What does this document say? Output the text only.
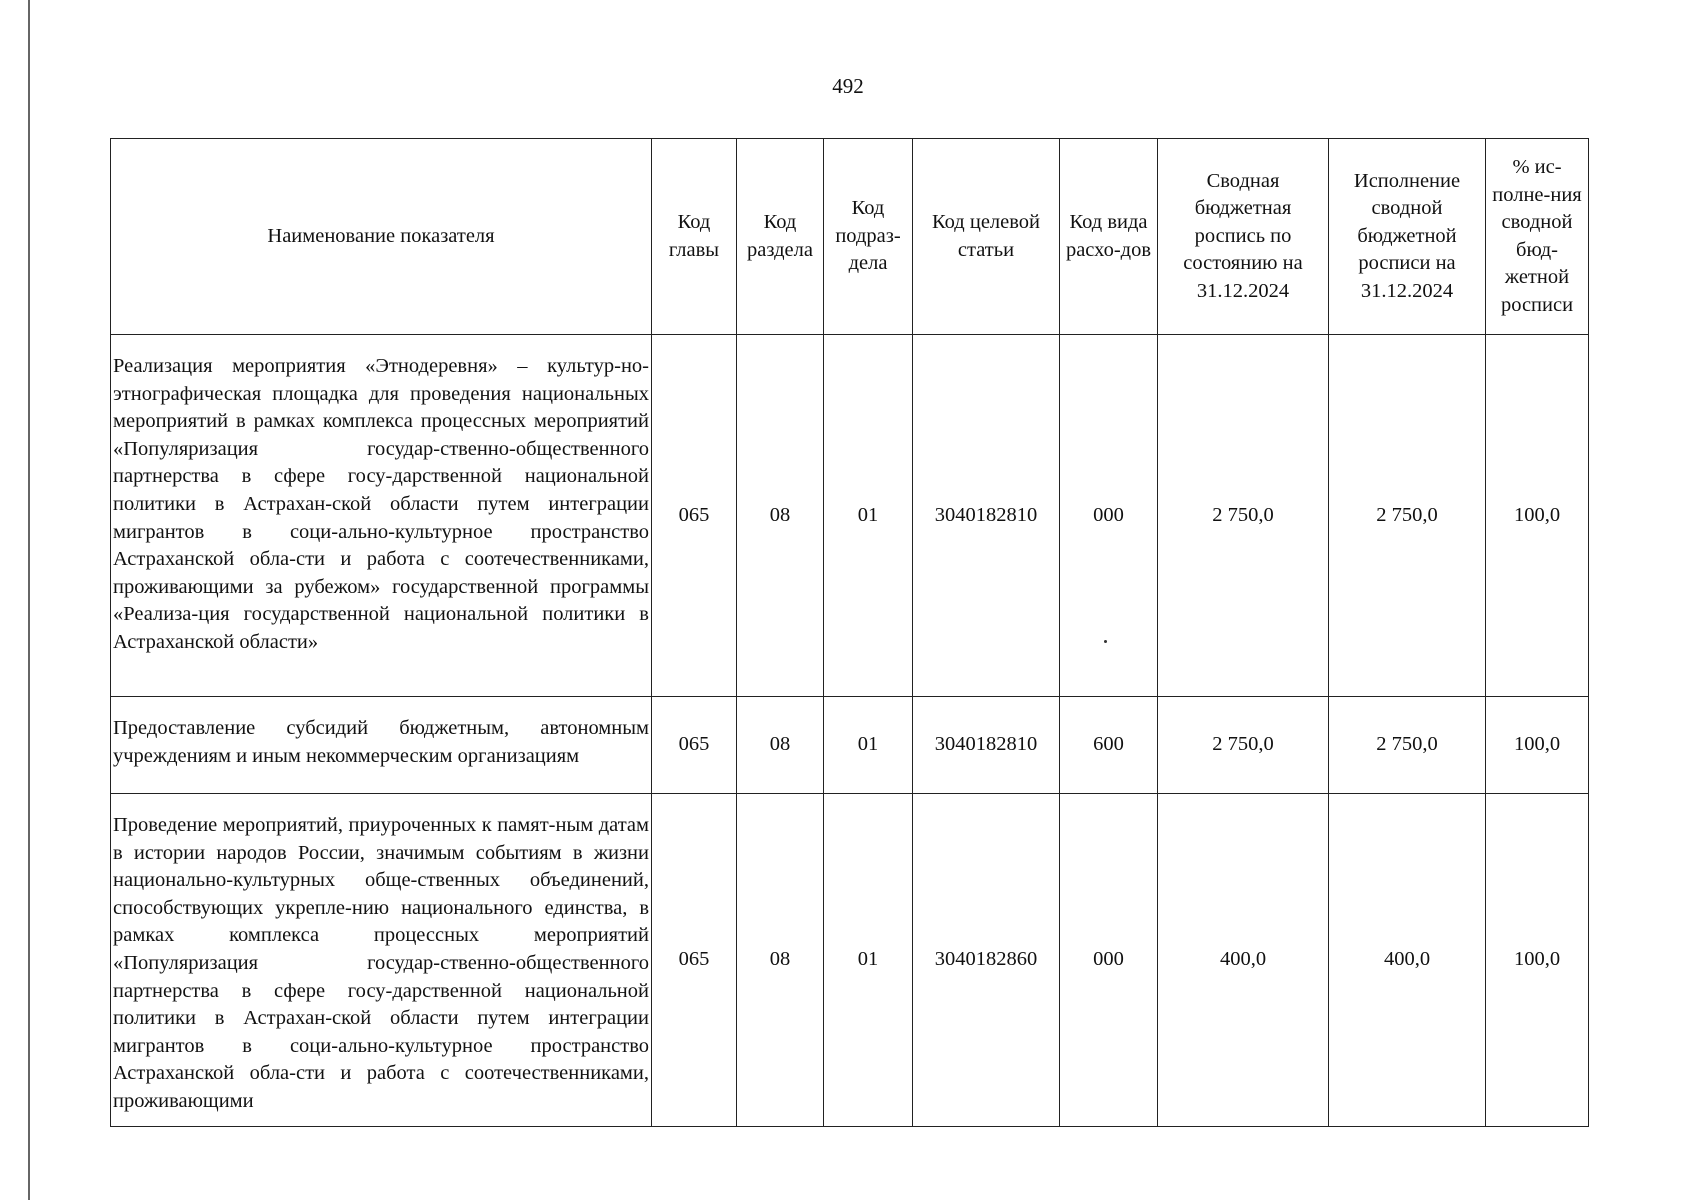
492
Наименование показателя	Код главы	Код раздела	Код подраз-дела	Код целевой статьи	Код вида расхо-дов	Сводная бюджетная роспись по состоянию на 31.12.2024	Исполнение сводной бюджетной росписи на 31.12.2024	% ис-полне-ния сводной бюд-жетной росписи
Реализация мероприятия «Этнодеревня» – культур-но-этнографическая площадка для проведения национальных мероприятий в рамках комплекса процессных мероприятий «Популяризация государ-ственно-общественного партнерства в сфере госу-дарственной национальной политики в Астрахан-ской области путем интеграции мигрантов в соци-ально-культурное пространство Астраханской обла-сти и работа с соотечественниками, проживающими за рубежом» государственной программы «Реализа-ция государственной национальной политики в Астраханской области»	065	08	01	3040182810	000	2 750,0	2 750,0	100,0
Предоставление субсидий бюджетным, автономным учреждениям и иным некоммерческим организациям	065	08	01	3040182810	600	2 750,0	2 750,0	100,0
Проведение мероприятий, приуроченных к памят-ным датам в истории народов России, значимым событиям в жизни национально-культурных обще-ственных объединений, способствующих укрепле-нию национального единства, в рамках комплекса процессных мероприятий «Популяризация государ-ственно-общественного партнерства в сфере госу-дарственной национальной политики в Астрахан-ской области путем интеграции мигрантов в соци-ально-культурное пространство Астраханской обла-сти и работа с соотечественниками, проживающими	065	08	01	3040182860	000	400,0	400,0	100,0
